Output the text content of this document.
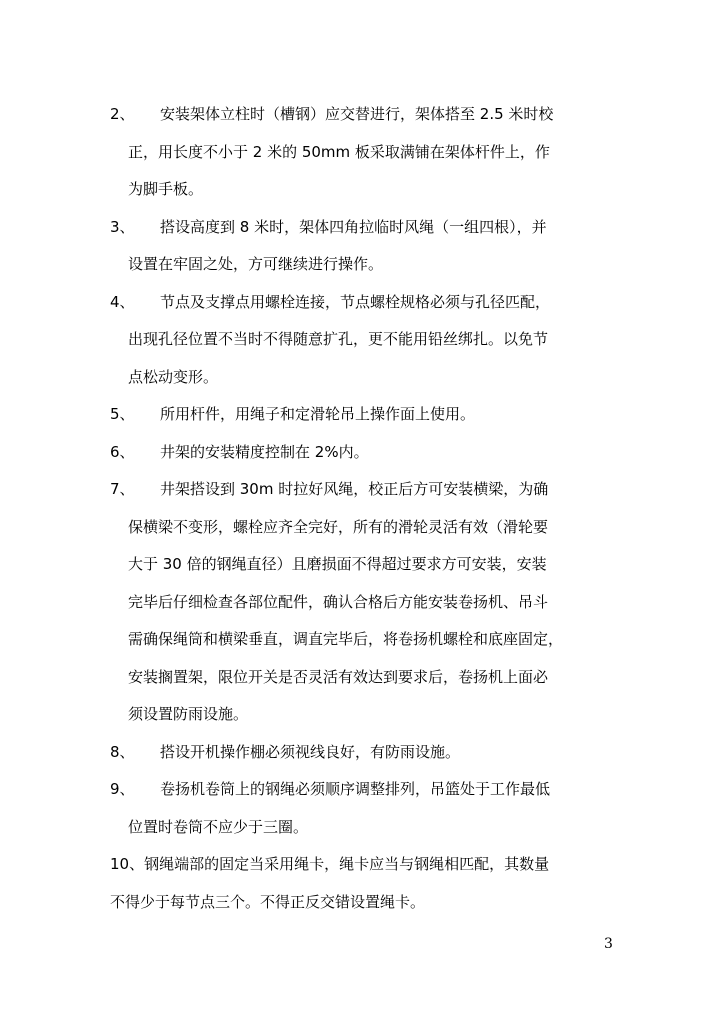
2、	安装架体立柱时（槽钢）应交替进行，架体搭至 2.5 米时校
正，用长度不小于 2 米的 50mm 板采取满铺在架体杆件上，作
为脚手板。
3、	搭设高度到 8 米时，架体四角拉临时风绳（一组四根），并
设置在牢固之处，方可继续进行操作。
4、	节点及支撑点用螺栓连接，节点螺栓规格必须与孔径匹配，
出现孔径位置不当时不得随意扩孔，更不能用铅丝绑扎。以免节
点松动变形。
5、	所用杆件，用绳子和定滑轮吊上操作面上使用。
6、	井架的安装精度控制在 2%内。
7、	井架搭设到 30m 时拉好风绳，校正后方可安装横梁，为确
保横梁不变形，螺栓应齐全完好，所有的滑轮灵活有效（滑轮要
大于 30 倍的钢绳直径）且磨损面不得超过要求方可安装，安装
完毕后仔细检查各部位配件，确认合格后方能安装卷扬机、吊斗
需确保绳筒和横梁垂直，调直完毕后，将卷扬机螺栓和底座固定，
安装搁置架，限位开关是否灵活有效达到要求后，卷扬机上面必
须设置防雨设施。
8、	搭设开机操作棚必须视线良好，有防雨设施。
9、	卷扬机卷筒上的钢绳必须顺序调整排列，吊篮处于工作最低
位置时卷筒不应少于三圈。
10、钢绳端部的固定当采用绳卡，绳卡应当与钢绳相匹配，其数量
不得少于每节点三个。不得正反交错设置绳卡。
3
